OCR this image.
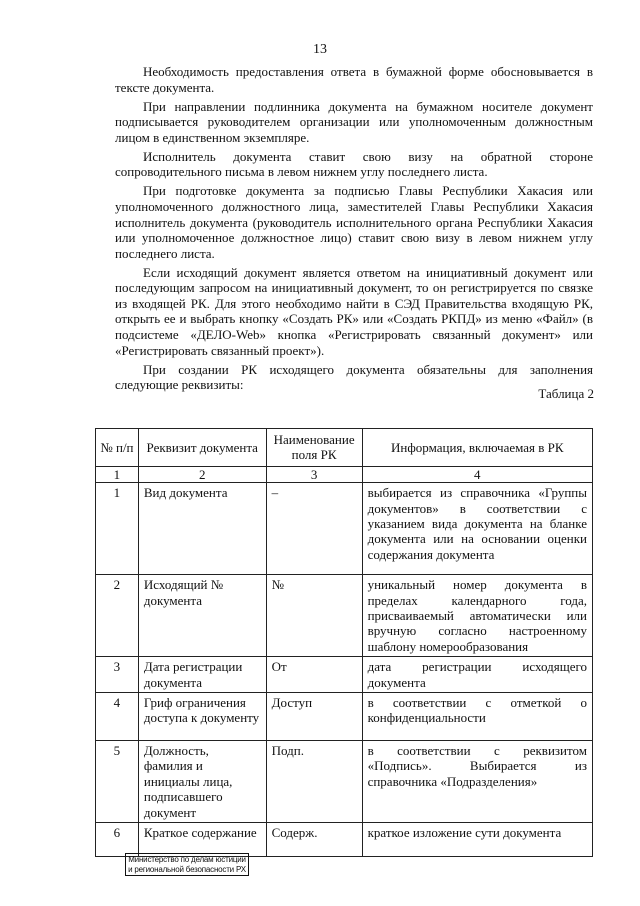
13

Необходимость предоставления ответа в бумажной форме обосновывается в тексте документа.

При направлении подлинника документа на бумажном носителе документ подписывается руководителем организации или уполномоченным должностным лицом в единственном экземпляре.

Исполнитель документа ставит свою визу на обратной стороне сопроводительного письма в левом нижнем углу последнего листа.

При подготовке документа за подписью Главы Республики Хакасия или уполномоченного должностного лица, заместителей Главы Республики Хакасия исполнитель документа (руководитель исполнительного органа Республики Хакасия или уполномоченное должностное лицо) ставит свою визу в левом нижнем углу последнего листа.

Если исходящий документ является ответом на инициативный документ или последующим запросом на инициативный документ, то он регистрируется по связке из входящей РК. Для этого необходимо найти в СЭД Правительства входящую РК, открыть ее и выбрать кнопку «Создать РК» или «Создать РКПД» из меню «Файл» (в подсистеме «ДЕЛО-Web» кнопка «Регистрировать связанный документ» или «Регистрировать связанный проект»).

При создании РК исходящего документа обязательны для заполнения следующие реквизиты:

Таблица 2
№ п/п	Реквизит документа	Наименование поля РК	Информация, включаемая в РК
1	2	3	4
1	Вид документа	–	выбирается из справочника «Группы документов» в соответствии с указанием вида документа на бланке документа или на основании оценки содержания документа
2	Исходящий № документа	№	уникальный номер документа в пределах календарного года, присваиваемый автоматически или вручную согласно настроенному шаблону номерообразования
3	Дата регистрации документа	От	дата регистрации исходящего документа
4	Гриф ограничения доступа к документу	Доступ	в соответствии с отметкой о конфиденциальности
5	Должность, фамилия и инициалы лица, подписавшего документ	Подп.	в соответствии с реквизитом «Подпись». Выбирается из справочника «Подразделения»
6	Краткое содержание	Содерж.	краткое изложение сути документа
Министерство по делам юстиции и региональной безопасности РХ
